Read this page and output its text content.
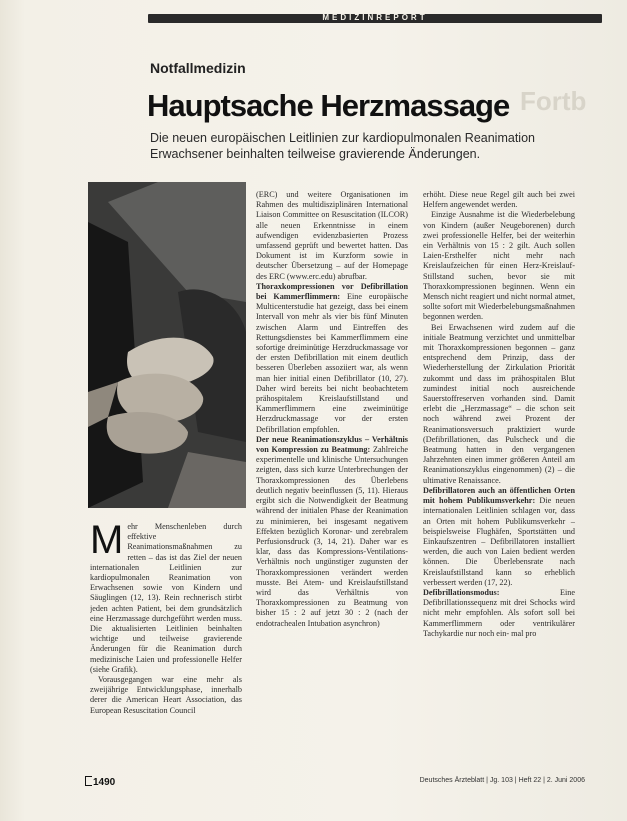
MEDIZINREPORT
Notfallmedizin
Fortb
Hauptsache Herzmassage
Die neuen europäischen Leitlinien zur kardiopulmonalen Reanimation Erwachsener beinhalten teilweise gravierende Änderungen.
M ehr Menschenleben durch effektive Reanimationsmaßnahmen zu retten – das ist das Ziel der neuen internationalen Leitlinien zur kardiopulmonalen Reanimation von Erwachsenen sowie von Kindern und Säuglingen (12, 13). Rein rechnerisch stirbt jeden achten Patient, bei dem grundsätzlich eine Herzmassage durchgeführt werden muss. Die aktualisierten Leitlinien beinhalten wichtige und teilweise gravierende Änderungen für die Reanimation durch medizinische Laien und professionelle Helfer (siehe Grafik).

Vorausgegangen war eine mehr als zweijährige Entwicklungsphase, innerhalb derer die American Heart Association, das European Resuscitation Council

(ERC) und weitere Organisationen im Rahmen des multidisziplinären International Liaison Committee on Resuscitation (ILCOR) alle neuen Erkenntnisse in einem aufwendigen evidenzbasierten Prozess umfassend geprüft und bewertet hatten. Das Dokument ist im Kurzform sowie in deutscher Übersetzung – auf der Homepage des ERC (www.erc.edu) abrufbar.

Thoraxkompressionen vor Defibrillation bei Kammerflimmern: Eine europäische Multicenterstudie hat gezeigt, dass bei einem Intervall von mehr als vier bis fünf Minuten zwischen Alarm und Eintreffen des Rettungsdienstes bei Kammerflimmern eine sofortige dreiminütige Herzdruckmassage vor der ersten Defibrillation mit einem deutlich besseren Überleben assoziiert war, als wenn man hier initial einen Defibrillator (10, 27). Daher wird bereits bei nicht beobachtetem prähospitalem Kreislaufstillstand und Kammerflimmern eine zweiminütige Herzdruckmassage vor der ersten Defibrillation empfohlen.

Der neue Reanimationszyklus – Verhältnis von Kompression zu Beatmung: Zahlreiche experimentelle und klinische Untersuchungen zeigten, dass sich kurze Unterbrechungen der Thoraxkompressionen des Überlebens deutlich negativ beeinflussen (5, 11). Hieraus ergibt sich die Notwendigkeit der Beatmung während der initialen Phase der Reanimation zu minimieren, bei insgesamt negativem Effekten bezüglich Koronar- und zerebralem Perfusionsdruck (3, 14, 21). Daher war es klar, dass das Kompressions-Ventilations-Verhältnis noch ungünstiger zugunsten der Thoraxkompressionen verändert werden musste. Bei Atem- und Kreislaufstillstand wird das Verhältnis von Thoraxkompressionen zu Beatmung von bisher 15 : 2 auf jetzt 30 : 2 (nach der endotrachealen Intubation asynchron)

erhöht. Diese neue Regel gilt auch bei zwei Helfern angewendet werden.

Einzige Ausnahme ist die Wiederbelebung von Kindern (außer Neugeborenen) durch zwei professionelle Helfer, bei der weiterhin ein Verhältnis von 15 : 2 gilt. Auch sollen Laien-Ersthelfer nicht mehr nach Kreislaufzeichen für einen Herz-Kreislauf-Stillstand suchen, bevor sie mit Thoraxkompressionen beginnen. Wenn ein Mensch nicht reagiert und nicht normal atmet, sollte sofort mit Wiederbelebungsmaßnahmen begonnen werden.

Bei Erwachsenen wird zudem auf die initiale Beatmung verzichtet und unmittelbar mit Thoraxkompressionen begonnen – ganz entsprechend dem Prinzip, dass der Wiederherstellung der Zirkulation Priorität zukommt und dass im prähospitalen Blut zumindest initial noch ausreichende Sauerstoffreserven vorhanden sind. Damit erlebt die „Herzmassage“ – die schon seit noch während zwei Prozent der Reanimationsversuch praktiziert wurde (Defibrillationen, das Pulscheck und die Beatmung hatten in den vergangenen Jahrzehnten einen immer größeren Anteil am Reanimationszyklus eingenommen) (2) – die ultimative Renaissance.

Defibrillatoren auch an öffentlichen Orten mit hohem Publikumsverkehr: Die neuen internationalen Leitlinien schlagen vor, dass an Orten mit hohem Publikumsverkehr – beispielsweise Flughäfen, Sportstätten und Einkaufszentren – Defibrillatoren installiert werden, die auch von Laien bedient werden können. Die Überlebensrate nach Kreislaufstillstand kann so erheblich verbessert werden (17, 22).

Defibrillationsmodus:	Eine Defibrillationssequenz mit drei Schocks wird nicht mehr empfohlen. Als sofort soll bei Kammerflimmern oder ventrikulärer Tachykardie nur noch ein- mal pro

1490	Deutsches Ärzteblatt | Jg. 103 | Heft 22 | 2. Juni 2006
